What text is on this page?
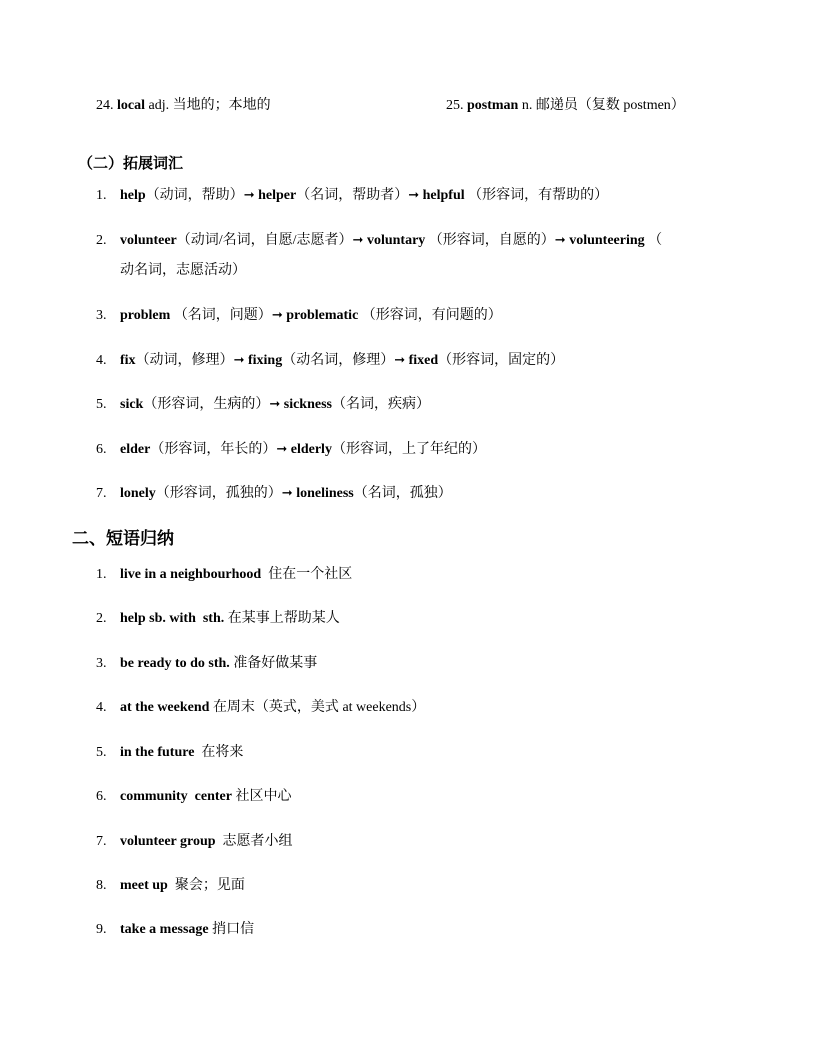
24. local adj. 当地的；本地的	25. postman n. 邮递员（复数 postmen）
（二）拓展词汇
1. help（动词，帮助）➞ helper（名词，帮助者）➞ helpful （形容词，有帮助的）
2. volunteer（动词/名词，自愿/志愿者）➞ voluntary （形容词，自愿的）➞ volunteering （
动名词，志愿活动）
3. problem （名词，问题）➞ problematic （形容词，有问题的）
4. fix（动词，修理）➞ fixing（动名词，修理）➞ fixed（形容词，固定的）
5. sick（形容词，生病的）➞ sickness（名词，疾病）
6. elder（形容词，年长的）➞ elderly（形容词，上了年纪的）
7. lonely（形容词，孤独的）➞ loneliness（名词，孤独）
二、短语归纳
1. live in a neighbourhood 住在一个社区
2. help sb. with  sth. 在某事上帮助某人
3. be ready to do sth. 准备好做某事
4. at the weekend 在周末（英式，美式 at weekends）
5. in the future 在将来
6. community  center 社区中心
7. volunteer group 志愿者小组
8. meet up 聚会；见面
9. take a message 捎口信
